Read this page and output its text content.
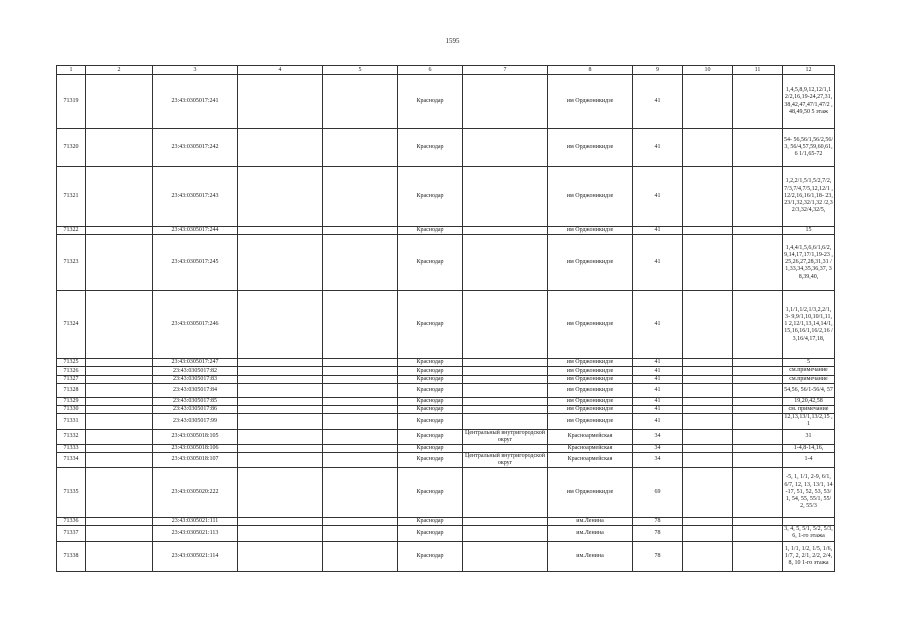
1595
1	2	3	4	5	6	7	8	9	10	11	12
71319		23:43:0305017:241			Краснодар		им Орджоникидзе	41			1,4,5,8,9,12,12/1,1 2/2,16,19-24,27,31, 38,42,47,47/1,47/2 ,48,49,50 5 этаж
71320		23:43:0305017:242			Краснодар		им Орджоникидзе	41			54- 56,56/1,56/2,56/3, 56/4,57,59,60,61,6 1/1,65-72
71321		23:43:0305017:243			Краснодар		им Орджоникидзе	41			1,2,2/1,5/1,5/2,7/2, 7/3,7/4,7/5,12,12/1 ,12/2,16,16/1,18- 23,23/1,32,32/1,32 /2,32/3,32/4,32/5,
71322		23:43:0305017:244			Краснодар		им Орджоникидзе	41			15
71323		23:43:0305017:245			Краснодар		им Орджоникидзе	41			1,4,4/1,5,6,6/1,6/2, 9,14,17,17/1,19-23 ,25,26,27,28,31,31 /1,33,34,35,36,37, 38,39,40,
71324		23:43:0305017:246			Краснодар		им Орджоникидзе	41			1,1/1,1/2,1/3,2,2/1, 3- 9,9/1,10,10/1,11,1 2,12/1,13,14,14/1, 15,16,16/1,16/2,16 /3,16/4,17,18,
71325		23:43:0305017:247			Краснодар		им Орджоникидзе	41			5
71326		23:43:0305017:82			Краснодар		им Орджоникидзе	41			см.примечание
71327		23:43:0305017:83			Краснодар		им Орджоникидзе	41			см.примечание
71328		23:43:0305017:84			Краснодар		им Орджоникидзе	41			54,56, 56/1-56/4, 57
71329		23:43:0305017:85			Краснодар		им Орджоникидзе	41			19,20,42,58
71330		23:43:0305017:86			Краснодар		им Орджоникидзе	41			см. примечание
71331		23:43:0305017:99			Краснодар		им Орджоникидзе	41			12,13,13/1,13/2,15 ,1
71332		23:43:0305018:105			Краснодар	Центральный внутригородской округ	Красноармейская	34			31
71333		23:43:0305018:106			Краснодар		Красноармейская	34			1-4,8-14,16,
71334		23:43:0305018:107			Краснодар	Центральный внутригородской округ	Красноармейская	34			1-4
71335		23:43:0305020:222			Краснодар		им Орджоникидзе	69			-5, 1, 1/1, 2-9, 6/1, 6/7, 12, 13, 13/1, 14-17, 51, 52, 53, 53/1, 54, 55, 55/1, 55/2, 55/3
71336		23:43:0305021:111			Краснодар		им.Ленина	78			
71337		23:43:0305021:113			Краснодар		им.Ленина	78			3, 4, 5, 5/1, 5/2, 5/3, 6, 1-го этажа
71338		23:43:0305021:114			Краснодар		им.Ленина	78			1, 1/1, 1/2, 1/5, 1/6, 1/7, 2, 2/1, 2/2, 2/4, 8, 10 1-го этажа
